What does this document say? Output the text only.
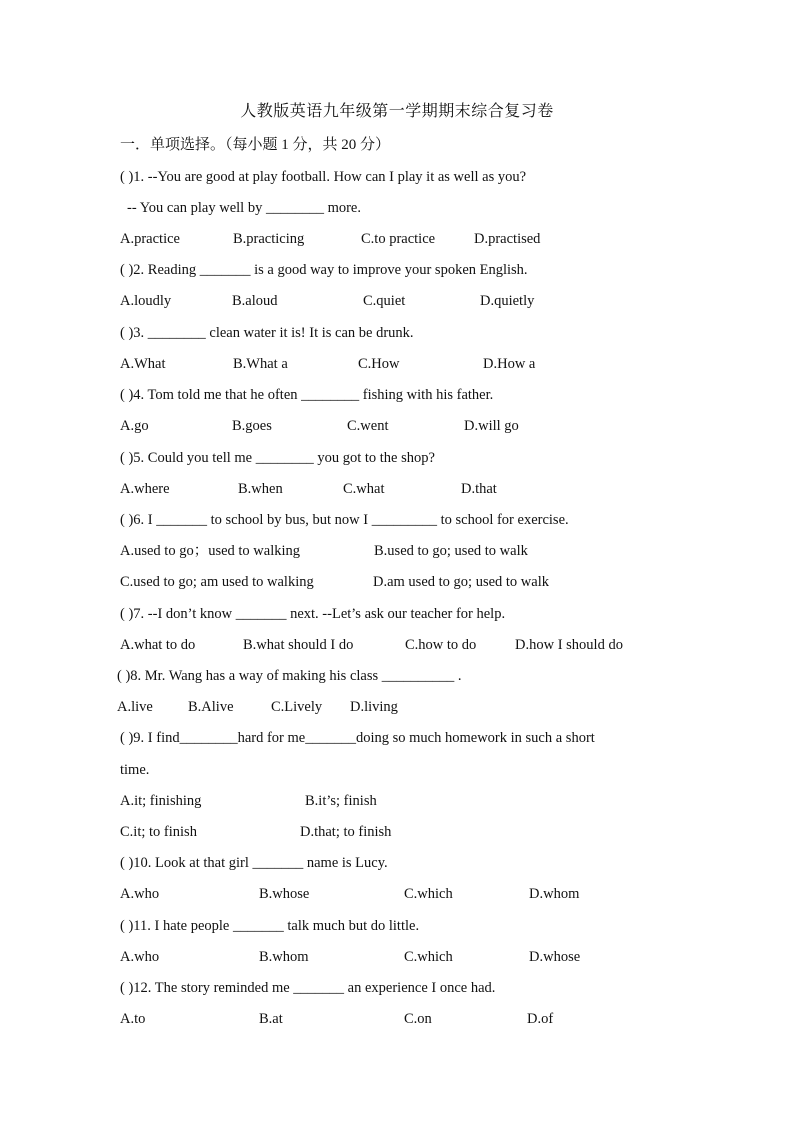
人教版英语九年级第一学期期末综合复习卷
一．单项选择。（每小题 1 分，共 20 分）
( )1. --You are good at play football. How can I play it as well as you?
-- You can play well by ________ more.
A.practice	B.practicing	C.to practice	D.practised
( )2. Reading _______ is a good way to improve your spoken English.
A.loudly	B.aloud	C.quiet	D.quietly
( )3. ________ clean water it is! It is can be drunk.
A.What	B.What a	C.How	D.How a
( )4. Tom told me that he often ________ fishing with his father.
A.go	B.goes	C.went	D.will go
( )5. Could you tell me ________ you got to the shop?
A.where	B.when	C.what	D.that
( )6. I _______ to school by bus, but now I _________ to school for exercise.
A.used to go；used to walking	B.used to go; used to walk
C.used to go; am used to walking	D.am used to go; used to walk
( )7. --I don’t know _______ next. --Let’s ask our teacher for help.
A.what to do	B.what should I do	C.how to do	D.how I should do
( )8. Mr. Wang has a way of making his class __________ .
A.live B.Alive	C.Lively D.living
( )9. I find________hard for me_______doing so much homework in such a short
time.
A.it; finishing	B.it’s; finish
C.it; to finish	D.that; to finish
( )10. Look at that girl _______ name is Lucy.
A.who	B.whose	C.which	D.whom
( )11. I hate people _______ talk much but do little.
A.who	B.whom	C.which	D.whose
( )12. The story reminded me _______ an experience I once had.
A.to	B.at	C.on	D.of
